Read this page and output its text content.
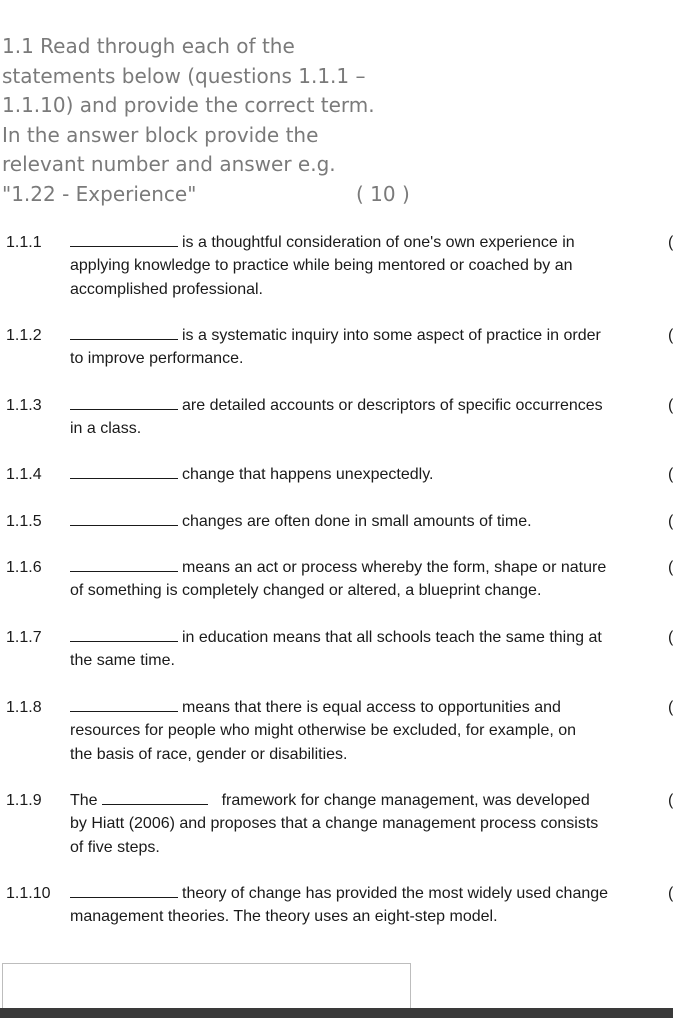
1.1 Read through each of the
statements below (questions 1.1.1 –
1.1.10) and provide the correct term.
In the answer block provide the
relevant number and answer e.g.
"1.22 - Experience"	( 10 )
1.1.1	is a thoughtful consideration of one's own experience in
applying knowledge to practice while being mentored or coached by an
accomplished professional.
(
1.1.2	is a systematic inquiry into some aspect of practice in order
to improve performance.
(
1.1.3	are detailed accounts or descriptors of specific occurrences
in a class.
(
1.1.4	change that happens unexpectedly.	(
1.1.5	changes are often done in small amounts of time.	(
1.1.6	means an act or process whereby the form, shape or nature
of something is completely changed or altered, a blueprint change.
(
1.1.7	in education means that all schools teach the same thing at
the same time.
(
1.1.8	means that there is equal access to opportunities and
resources for people who might otherwise be excluded, for example, on
the basis of race, gender or disabilities.
(
1.1.9 The	framework for change management, was developed
by Hiatt (2006) and proposes that a change management process consists
of five steps.
(
1.1.10	theory of change has provided the most widely used change
management theories. The theory uses an eight-step model.
(
